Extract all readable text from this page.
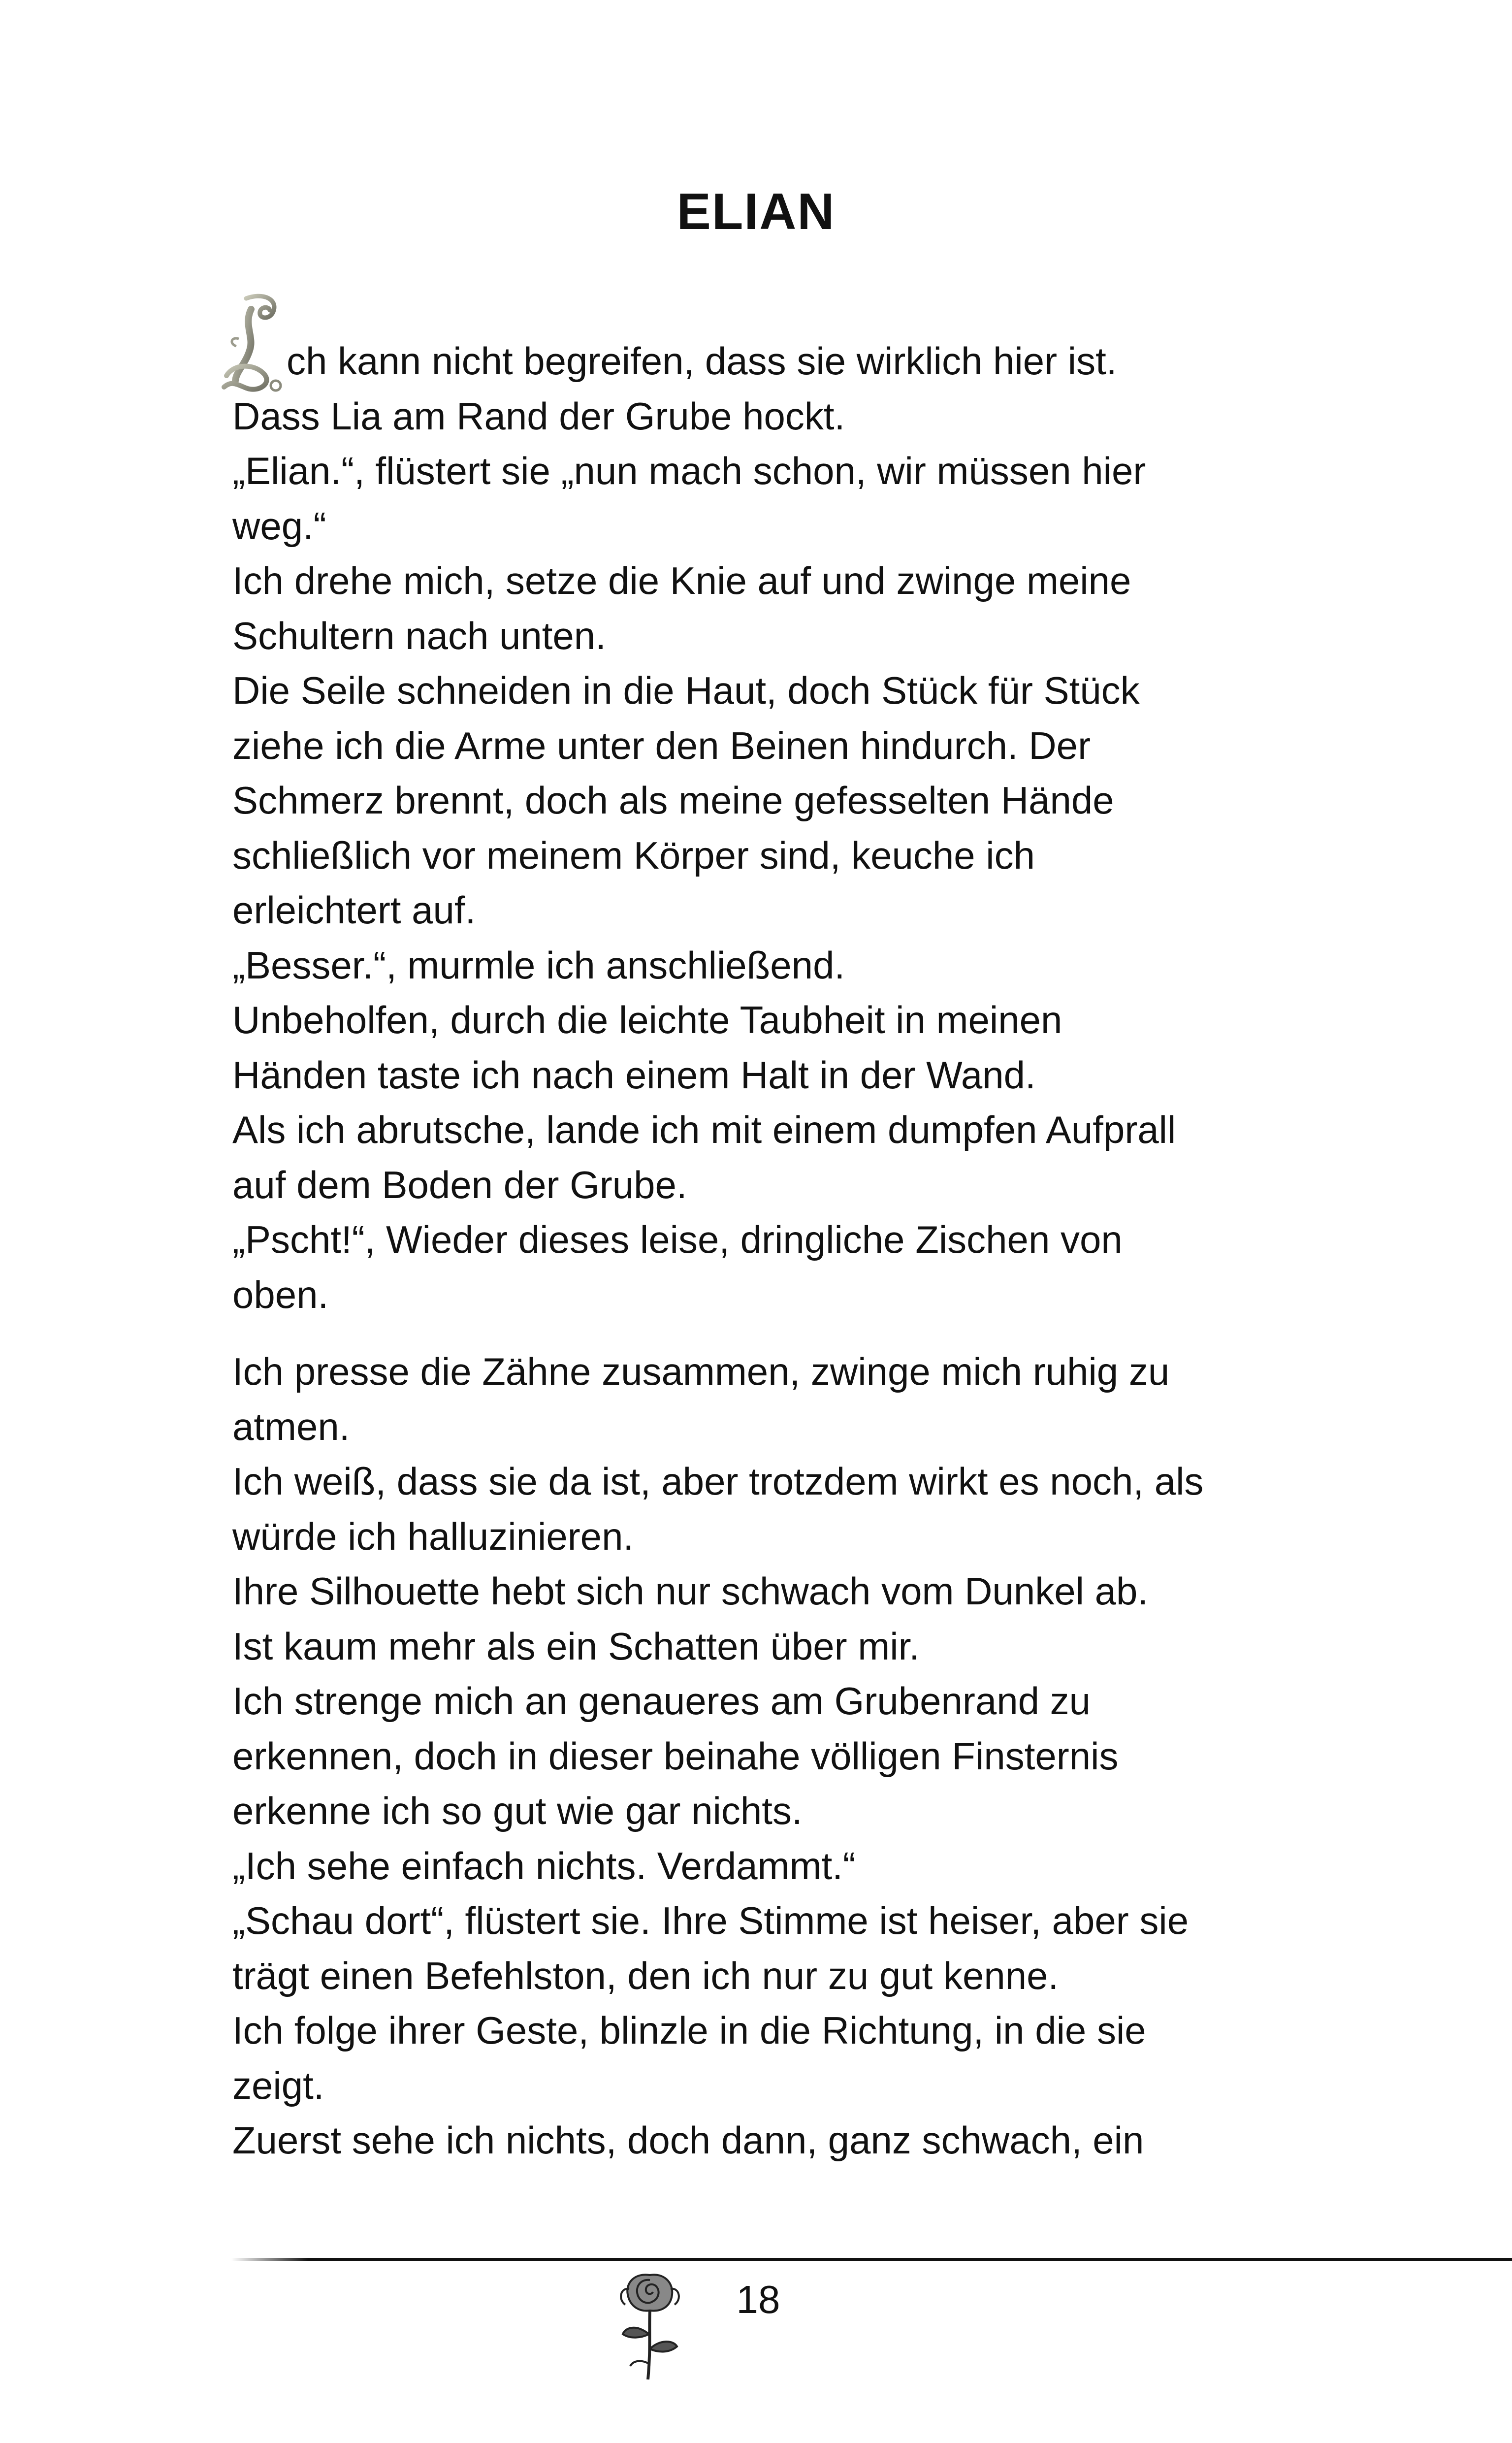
ELIAN
ch kann nicht begreifen, dass sie wirklich hier ist.
Dass Lia am Rand der Grube hockt.
„Elian.“, flüstert sie „nun mach schon, wir müssen hier
weg.“
Ich drehe mich, setze die Knie auf und zwinge meine
Schultern nach unten.
Die Seile schneiden in die Haut, doch Stück für Stück
ziehe ich die Arme unter den Beinen hindurch. Der
Schmerz brennt, doch als meine gefesselten Hände
schließlich vor meinem Körper sind, keuche ich
erleichtert auf.
„Besser.“, murmle ich anschließend.
Unbeholfen, durch die leichte Taubheit in meinen
Händen taste ich nach einem Halt in der Wand.
Als ich abrutsche, lande ich mit einem dumpfen Aufprall
auf dem Boden der Grube.
„Pscht!“, Wieder dieses leise, dringliche Zischen von
oben.
Ich presse die Zähne zusammen, zwinge mich ruhig zu
atmen.
Ich weiß, dass sie da ist, aber trotzdem wirkt es noch, als
würde ich halluzinieren.
Ihre Silhouette hebt sich nur schwach vom Dunkel ab.
Ist kaum mehr als ein Schatten über mir.
Ich strenge mich an genaueres am Grubenrand zu
erkennen, doch in dieser beinahe völligen Finsternis
erkenne ich so gut wie gar nichts.
„Ich sehe einfach nichts. Verdammt.“
„Schau dort“, flüstert sie. Ihre Stimme ist heiser, aber sie
trägt einen Befehlston, den ich nur zu gut kenne.
Ich folge ihrer Geste, blinzle in die Richtung, in die sie
zeigt.
Zuerst sehe ich nichts, doch dann, ganz schwach, ein
18
